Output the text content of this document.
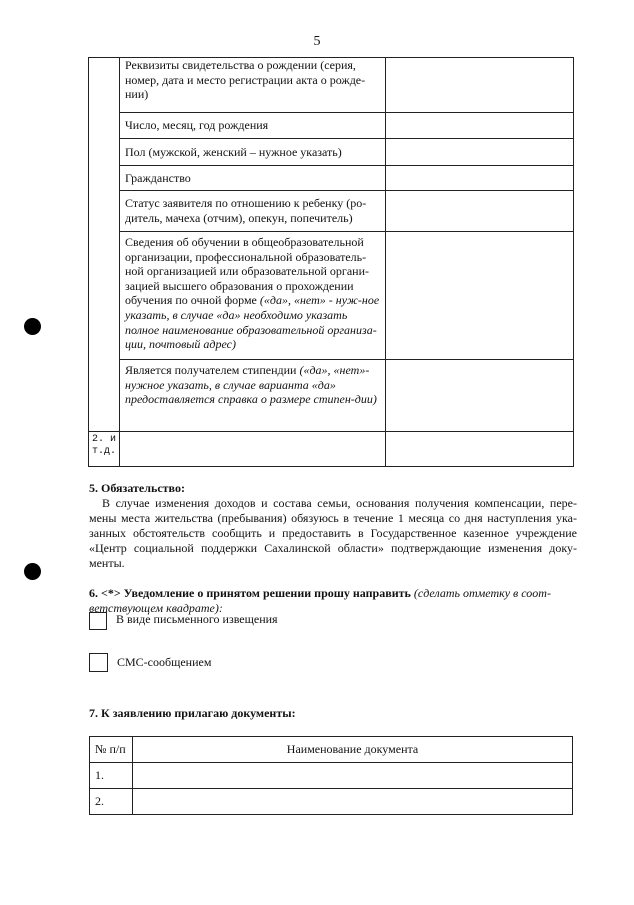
5
	Реквизиты свидетельства о рождении (серия, номер, дата и место регистрации акта о рожде-нии)	
	Число, месяц, год рождения	
	Пол (мужской, женский – нужное указать)	
	Гражданство	
	Статус заявителя по отношению к ребенку (ро-дитель, мачеха (отчим), опекун, попечитель)	
	Сведения об обучении в общеобразовательной организации, профессиональной образователь-ной организацией или образовательной органи-зацией высшего образования о прохождении обучения по очной форме («да», «нет» - нуж-ное указать, в случае «да» необходимо указать полное наименование образовательной организа-ции, почтовый адрес)	
	Является получателем стипендии («да», «нет»-нужное указать, в случае варианта «да» предоставляется справка о размере стипен-дии)	
2. и т.д.		
5. Обязательство:

В случае изменения доходов и состава семьи, основания получения компенсации, пере-мены места жительства (пребывания) обязуюсь в течение 1 месяца со дня наступления ука-занных обстоятельств сообщить и предоставить в Государственное казенное учреждение «Центр социальной поддержки Сахалинской области» подтверждающие изменения доку-менты.

6. <*> Уведомление о принятом решении прошу направить (сделать отметку в соот-ветствующем квадрате):
В виде письменного извещения
СМС-сообщением
7. К заявлению прилагаю документы:
№ п/п	Наименование документа
1.	
2.	
